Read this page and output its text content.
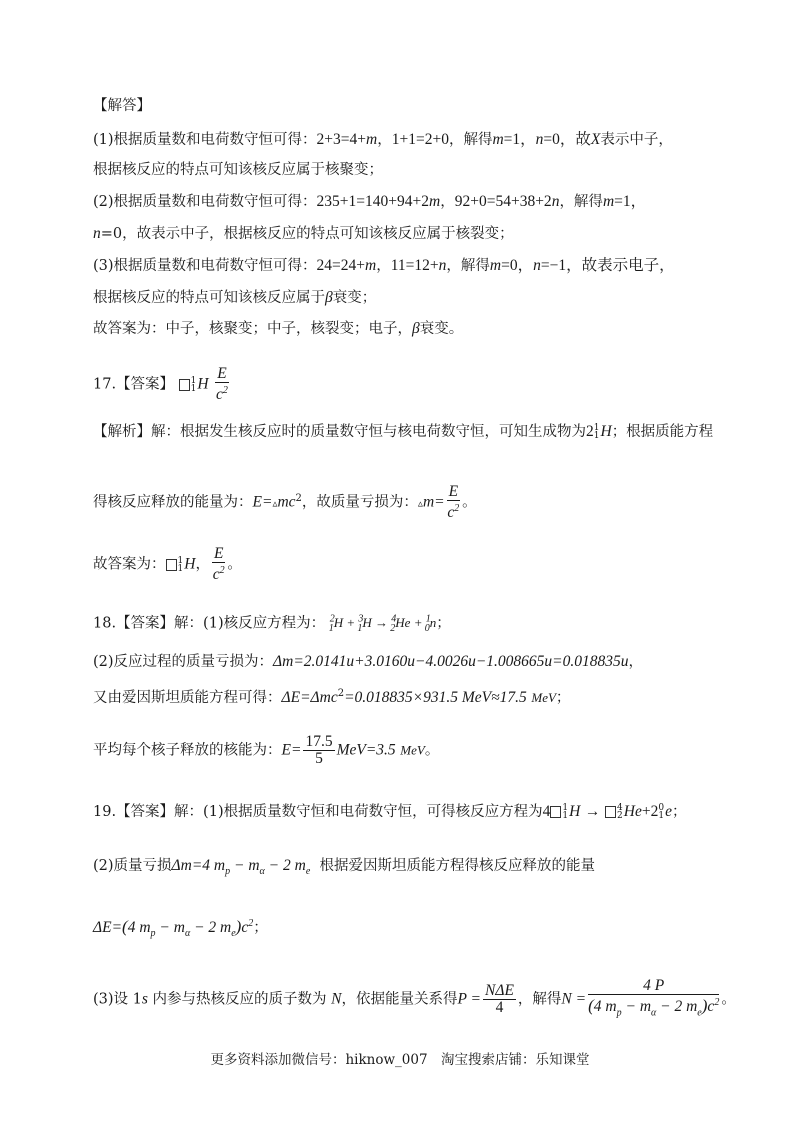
【解答】
(1)根据质量数和电荷数守恒可得：2+3=4+m，1+1=2+0，解得m=1，n=0，故X表示中子，
根据核反应的特点可知该核反应属于核聚变；
(2)根据质量数和电荷数守恒可得：235+1=140+94+2m，92+0=54+38+2n，解得m=1，
n=0，故表示中子，根据核反应的特点可知该核反应属于核裂变；
(3)根据质量数和电荷数守恒可得：24=24+m，11=12+n，解得m=0，n=−1，故表示电子，
根据核反应的特点可知该核反应属于β衰变；
故答案为：中子，核聚变；中子，核裂变；电子，β衰变。
17.【答案】 1
1 H $\frac{E}{c^2}$
【解析】解：根据发生核反应时的质量数守恒与核电荷数守恒，可知生成物为2 1
1 H；根据质能方程
得核反应释放的能量为：$E=▵mc^2$，故质量亏损为：▵m= $\frac{E}{c^2}$ 。
故答案为： 1
1 H， $\frac{E}{c^2}$ 。
18.【答案】解：(1)核反应方程为： $^2_1$H + $^3_1$H → $^4_2$He + $^1_0$n；
(2)反应过程的质量亏损为：Δm=2.0141u+3.0160u−4.0026u−1.008665u=0.018835u，
又由爱因斯坦质能方程可得：ΔE=Δmc$^2$=0.018835×931.5 MeV≈17.5 MeV；
平均每个核子释放的核能为：$E= \frac{17.5}{5} MeV=3.5$ MeV。
19.【答案】解：(1)根据质量数守恒和电荷数守恒，可得核反应方程为4 1
1 H → 4
2 He+2 0
1 e；
(2)质量亏损Δm=4 $m_p - m_\alpha - 2$ $m_e$ 根据爱因斯坦质能方程得核反应释放的能量
ΔE=(4 $m_p - m_\alpha - 2$ $m_e)c^2$；
(3)设 1s 内参与热核反应的质子数为 N，依据能量关系得$P = \frac{\text{NΔE}}{4}$ ，解得$N = \frac{4 P}{(4 m_p - m_\alpha - 2 m_e)c^2}$ 。
更多资料添加微信号：hiknow_007　淘宝搜索店铺：乐知课堂
